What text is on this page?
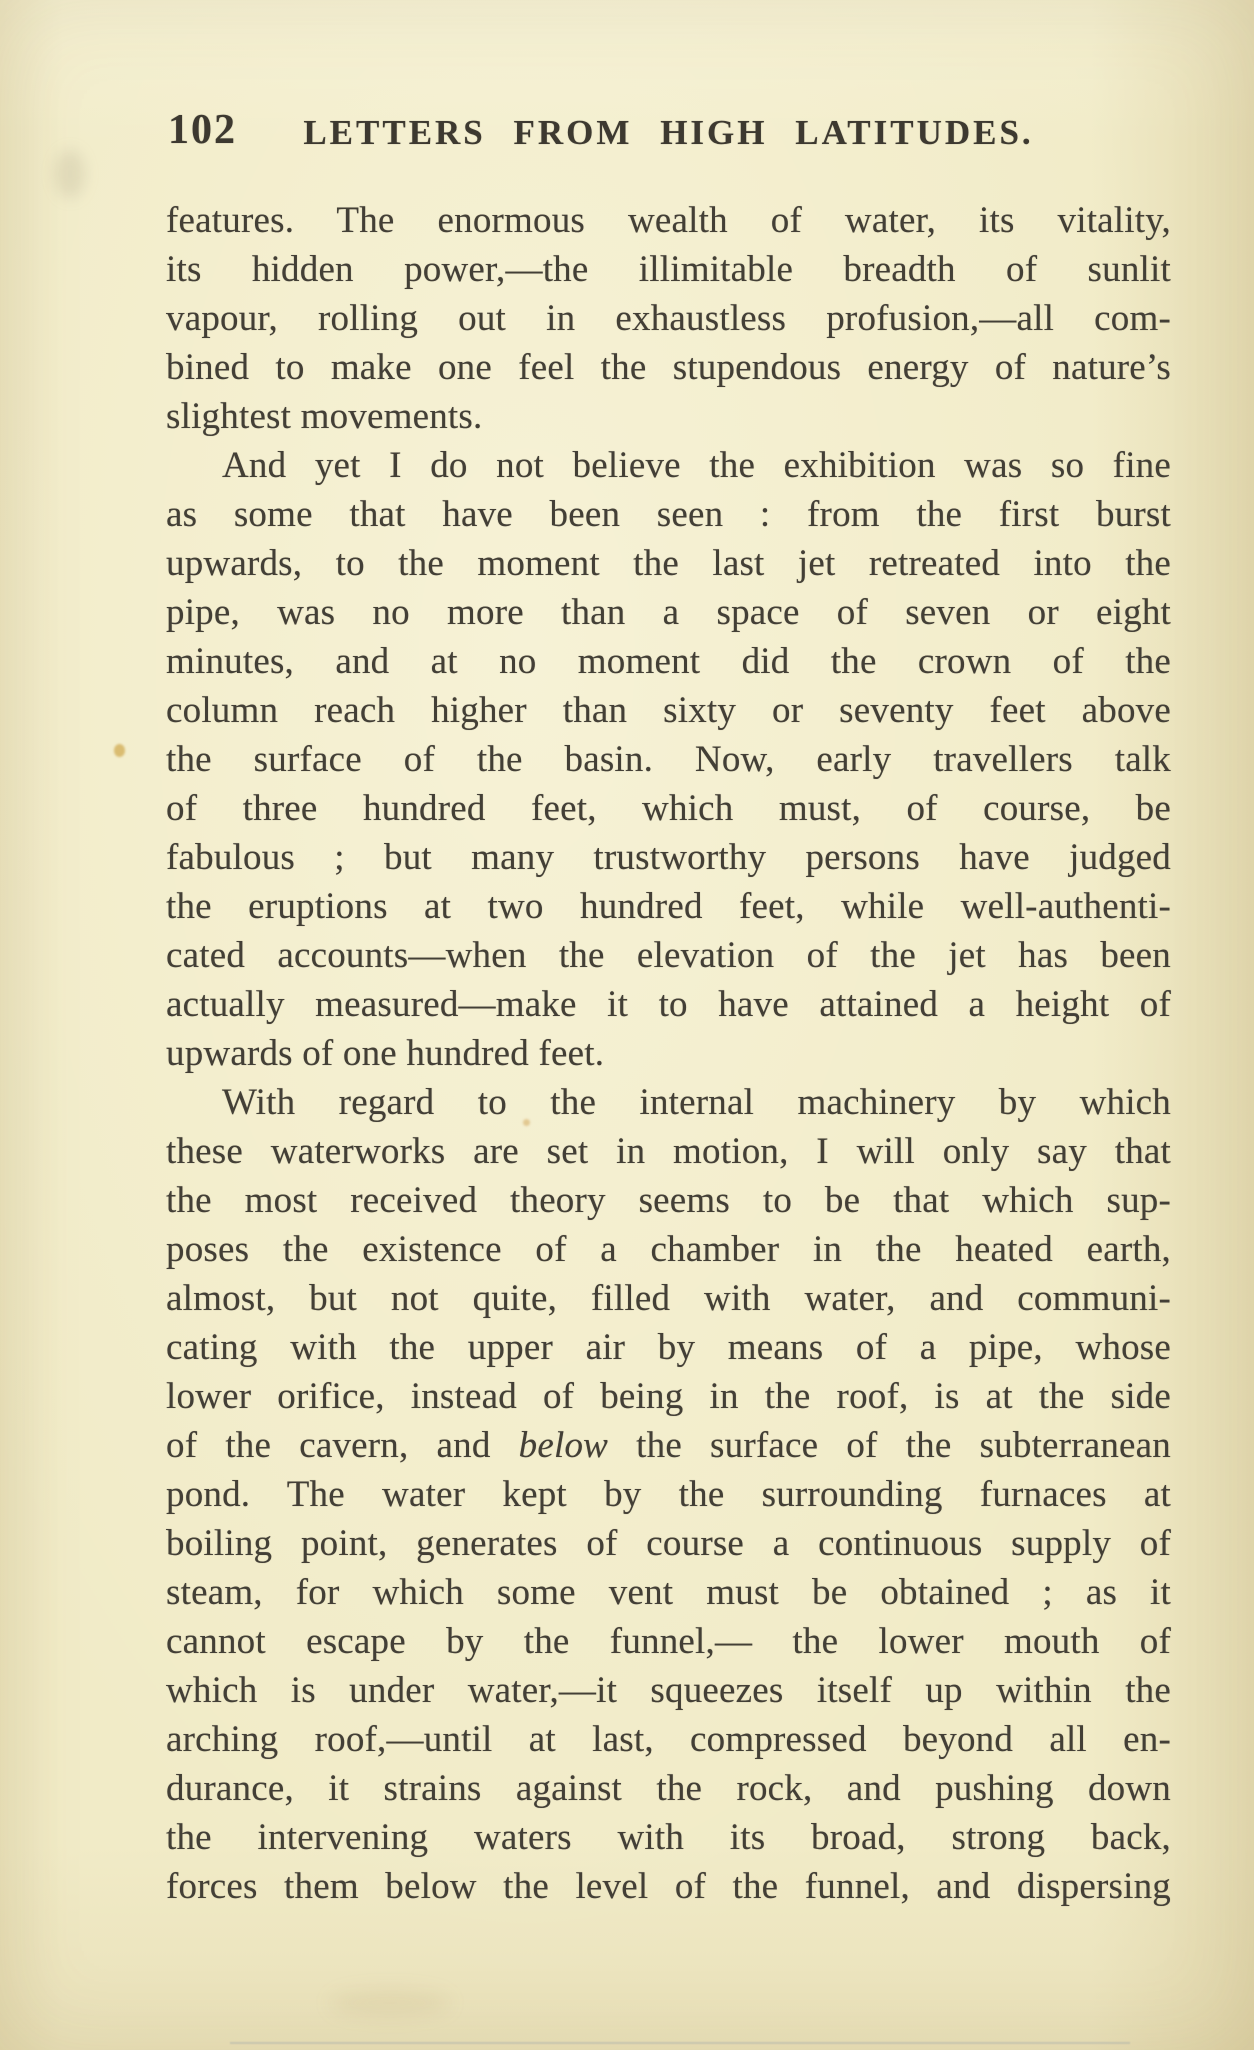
102	LETTERS FROM HIGH LATITUDES.
features. The enormous wealth of water, its vitality,
its hidden power,—the illimitable breadth of sunlit
vapour, rolling out in exhaustless profusion,—all com-
bined to make one feel the stupendous energy of nature’s
slightest movements.
And yet I do not believe the exhibition was so fine
as some that have been seen : from the first burst
upwards, to the moment the last jet retreated into the
pipe, was no more than a space of seven or eight
minutes, and at no moment did the crown of the
column reach higher than sixty or seventy feet above
the surface of the basin. Now, early travellers talk
of three hundred feet, which must, of course, be
fabulous ; but many trustworthy persons have judged
the eruptions at two hundred feet, while well-authenti-
cated accounts—when the elevation of the jet has been
actually measured—make it to have attained a height of
upwards of one hundred feet.
With regard to the internal machinery by which
these waterworks are set in motion, I will only say that
the most received theory seems to be that which sup-
poses the existence of a chamber in the heated earth,
almost, but not quite, filled with water, and communi-
cating with the upper air by means of a pipe, whose
lower orifice, instead of being in the roof, is at the side
of the cavern, and below the surface of the subterranean
pond. The water kept by the surrounding furnaces at
boiling point, generates of course a continuous supply of
steam, for which some vent must be obtained ; as it
cannot escape by the funnel,— the lower mouth of
which is under water,—it squeezes itself up within the
arching roof,—until at last, compressed beyond all en-
durance, it strains against the rock, and pushing down
the intervening waters with its broad, strong back,
forces them below the level of the funnel, and dispersing
